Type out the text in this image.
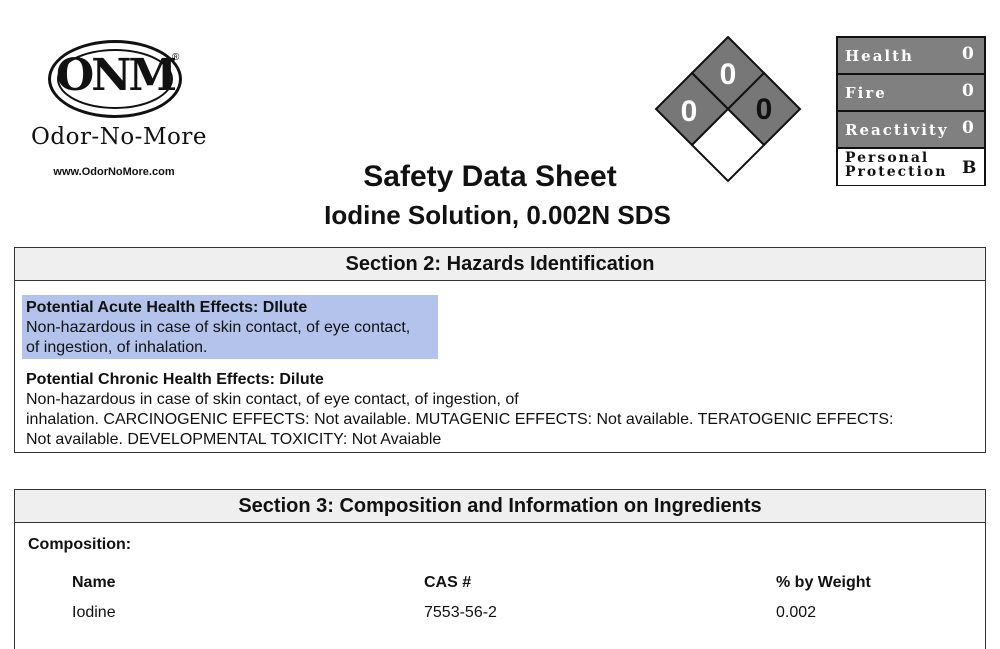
ONM
®
Odor-No-More
www.OdorNoMore.com
0
0 0
Health	0
Fire	0
Reactivity 0
Personal
Protection B
Safety Data Sheet
Iodine Solution, 0.002N SDS
Section 2: Hazards Identification
Potential Acute Health Effects: DIlute
Non-hazardous in case of skin contact, of eye contact,
of ingestion, of inhalation.
Potential Chronic Health Effects: Dilute
Non-hazardous in case of skin contact, of eye contact, of ingestion, of
inhalation. CARCINOGENIC EFFECTS: Not available. MUTAGENIC EFFECTS: Not available. TERATOGENIC EFFECTS:
Not available. DEVELOPMENTAL TOXICITY: Not Avaiable
Section 3: Composition and Information on Ingredients
Composition:
Name	CAS #	% by Weight
Iodine	7553-56-2	0.002
